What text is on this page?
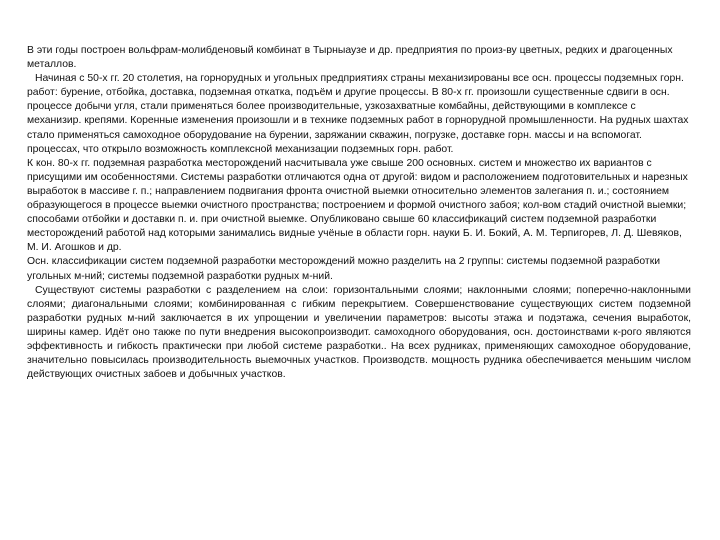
В эти годы построен вольфрам-молибденовый комбинат в Тырныаузе и др. предприятия по произ-ву цветных, редких и драгоценных металлов.

Начиная с 50-х гг. 20 столетия, на горнорудных и угольных предприятиях страны механизированы все осн. процессы подземных горн. работ: бурение, отбойка, доставка, подземная откатка, подъём и другие процессы. В 80-х гг. произошли существенные сдвиги в осн. процессе добычи угля, стали применяться более производительные, узкозахватные комбайны, действующими в комплексе с механизир. крепями. Коренные изменения произошли и в технике подземных работ в горнорудной промышленности. На рудных шахтах стало применяться самоходное оборудование на бурении, заряжании скважин, погрузке, доставке горн. массы и на вспомогат. процессах, что открыло возможность комплексной механизации подземных горн. работ.

К кон. 80-х гг. подземная разработка месторождений насчитывала уже свыше 200 основных. систем и множество их вариантов с присущими им особенностями. Системы разработки отличаются одна от другой: видом и расположением подготовительных и нарезных выработок в массиве г. п.; направлением подвигания фронта очистной выемки относительно элементов залегания п. и.; состоянием образующегося в процессе выемки очистного пространства; построением и формой очистного забоя; кол-вом стадий очистной выемки; способами отбойки и доставки п. и. при очистной выемке. Опубликовано свыше 60 классификаций систем подземной разработки месторождений работой над которыми занимались видные учёные в области горн. науки Б. И. Бокий, А. М. Терпигорев, Л. Д. Шевяков, М. И. Агошков и др.

Осн. классификации систем подземной разработки месторождений можно разделить на 2 группы: системы подземной разработки угольных м-ний; системы подземной разработки рудных м-ний.

Существуют системы разработки с разделением на слои: горизонтальными слоями; наклонными слоями; поперечно-наклонными слоями; диагональными слоями; комбинированная с гибким перекрытием. Совершенствование существующих систем подземной разработки рудных м-ний заключается в их упрощении и увеличении параметров: высоты этажа и подэтажа, сечения выработок, ширины камер. Идёт оно также по пути внедрения высокопроизводит. самоходного оборудования, осн. достоинствами к-рого являются эффективность и гибкость практически при любой системе разработки.. На всех рудниках, применяющих самоходное оборудование, значительно повысилась производительность выемочных участков. Производств. мощность рудника обеспечивается меньшим числом действующих очистных забоев и добычных участков.
